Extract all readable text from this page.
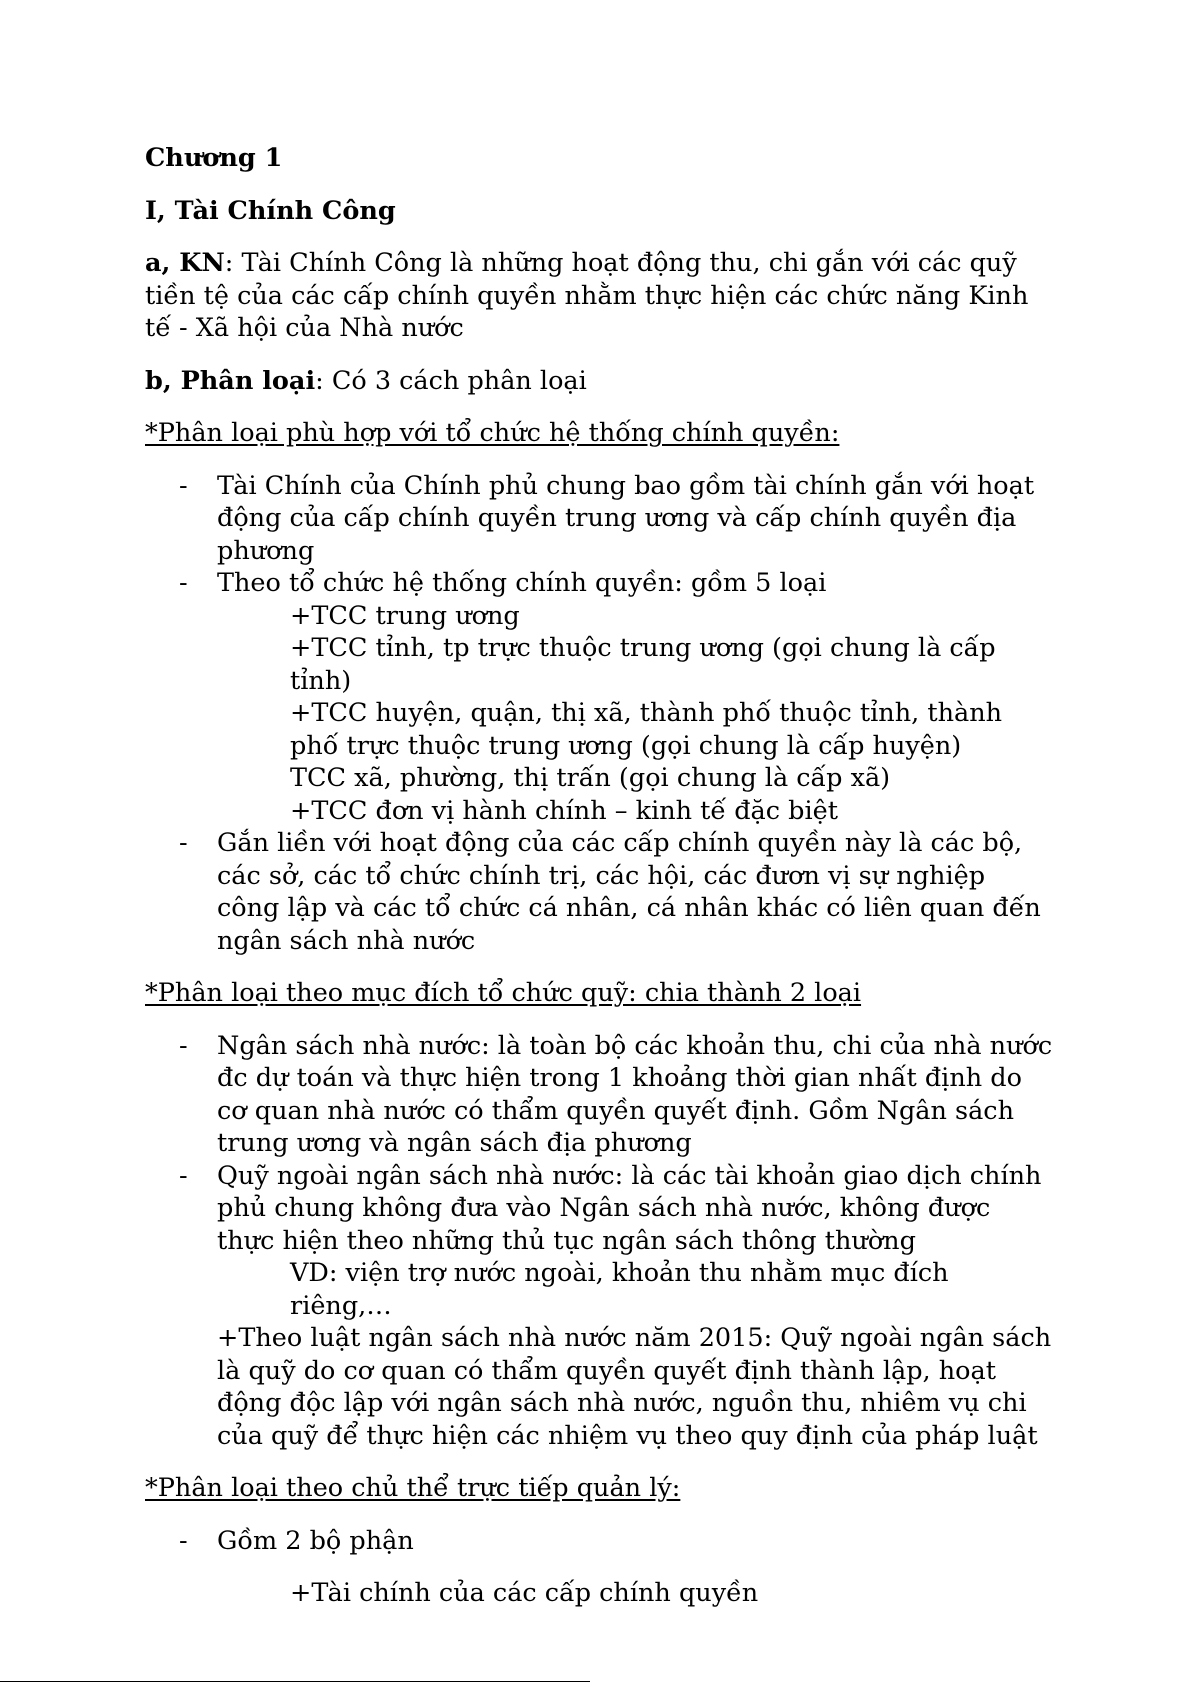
Chương 1

I, Tài Chính Công

a, KN: Tài Chính Công là những hoạt động thu, chi gắn với các quỹ tiền tệ của các cấp chính quyền nhằm thực hiện các chức năng Kinh tế - Xã hội của Nhà nước

b, Phân loại: Có 3 cách phân loại

*Phân loại phù hợp với tổ chức hệ thống chính quyền:

- Tài Chính của Chính phủ chung bao gồm tài chính gắn với hoạt động của cấp chính quyền trung ương và cấp chính quyền địa phương
- Theo tổ chức hệ thống chính quyền: gồm 5 loại
+TCC trung ương
+TCC tỉnh, tp trực thuộc trung ương (gọi chung là cấp tỉnh)
+TCC huyện, quận, thị xã, thành phố thuộc tỉnh, thành phố trực thuộc trung ương (gọi chung là cấp huyện)
TCC xã, phường, thị trấn (gọi chung là cấp xã)
+TCC đơn vị hành chính – kinh tế đặc biệt
- Gắn liền với hoạt động của các cấp chính quyền này là các bộ, các sở, các tổ chức chính trị, các hội, các đươn vị sự nghiệp công lập và các tổ chức cá nhân, cá nhân khác có liên quan đến ngân sách nhà nước

*Phân loại theo mục đích tổ chức quỹ: chia thành 2 loại

- Ngân sách nhà nước: là toàn bộ các khoản thu, chi của nhà nước đc dự toán và thực hiện trong 1 khoảng thời gian nhất định do cơ quan nhà nước có thẩm quyền quyết định. Gồm Ngân sách trung ương và ngân sách địa phương
- Quỹ ngoài ngân sách nhà nước: là các tài khoản giao dịch chính phủ chung không đưa vào Ngân sách nhà nước, không được thực hiện theo những thủ tục ngân sách thông thường
VD: viện trợ nước ngoài, khoản thu nhằm mục đích riêng,…
+Theo luật ngân sách nhà nước năm 2015: Quỹ ngoài ngân sách là quỹ do cơ quan có thẩm quyền quyết định thành lập, hoạt động độc lập với ngân sách nhà nước, nguồn thu, nhiêm vụ chi của quỹ để thực hiện các nhiệm vụ theo quy định của pháp luật

*Phân loại theo chủ thể trực tiếp quản lý:

- Gồm 2 bộ phận

+Tài chính của các cấp chính quyền
